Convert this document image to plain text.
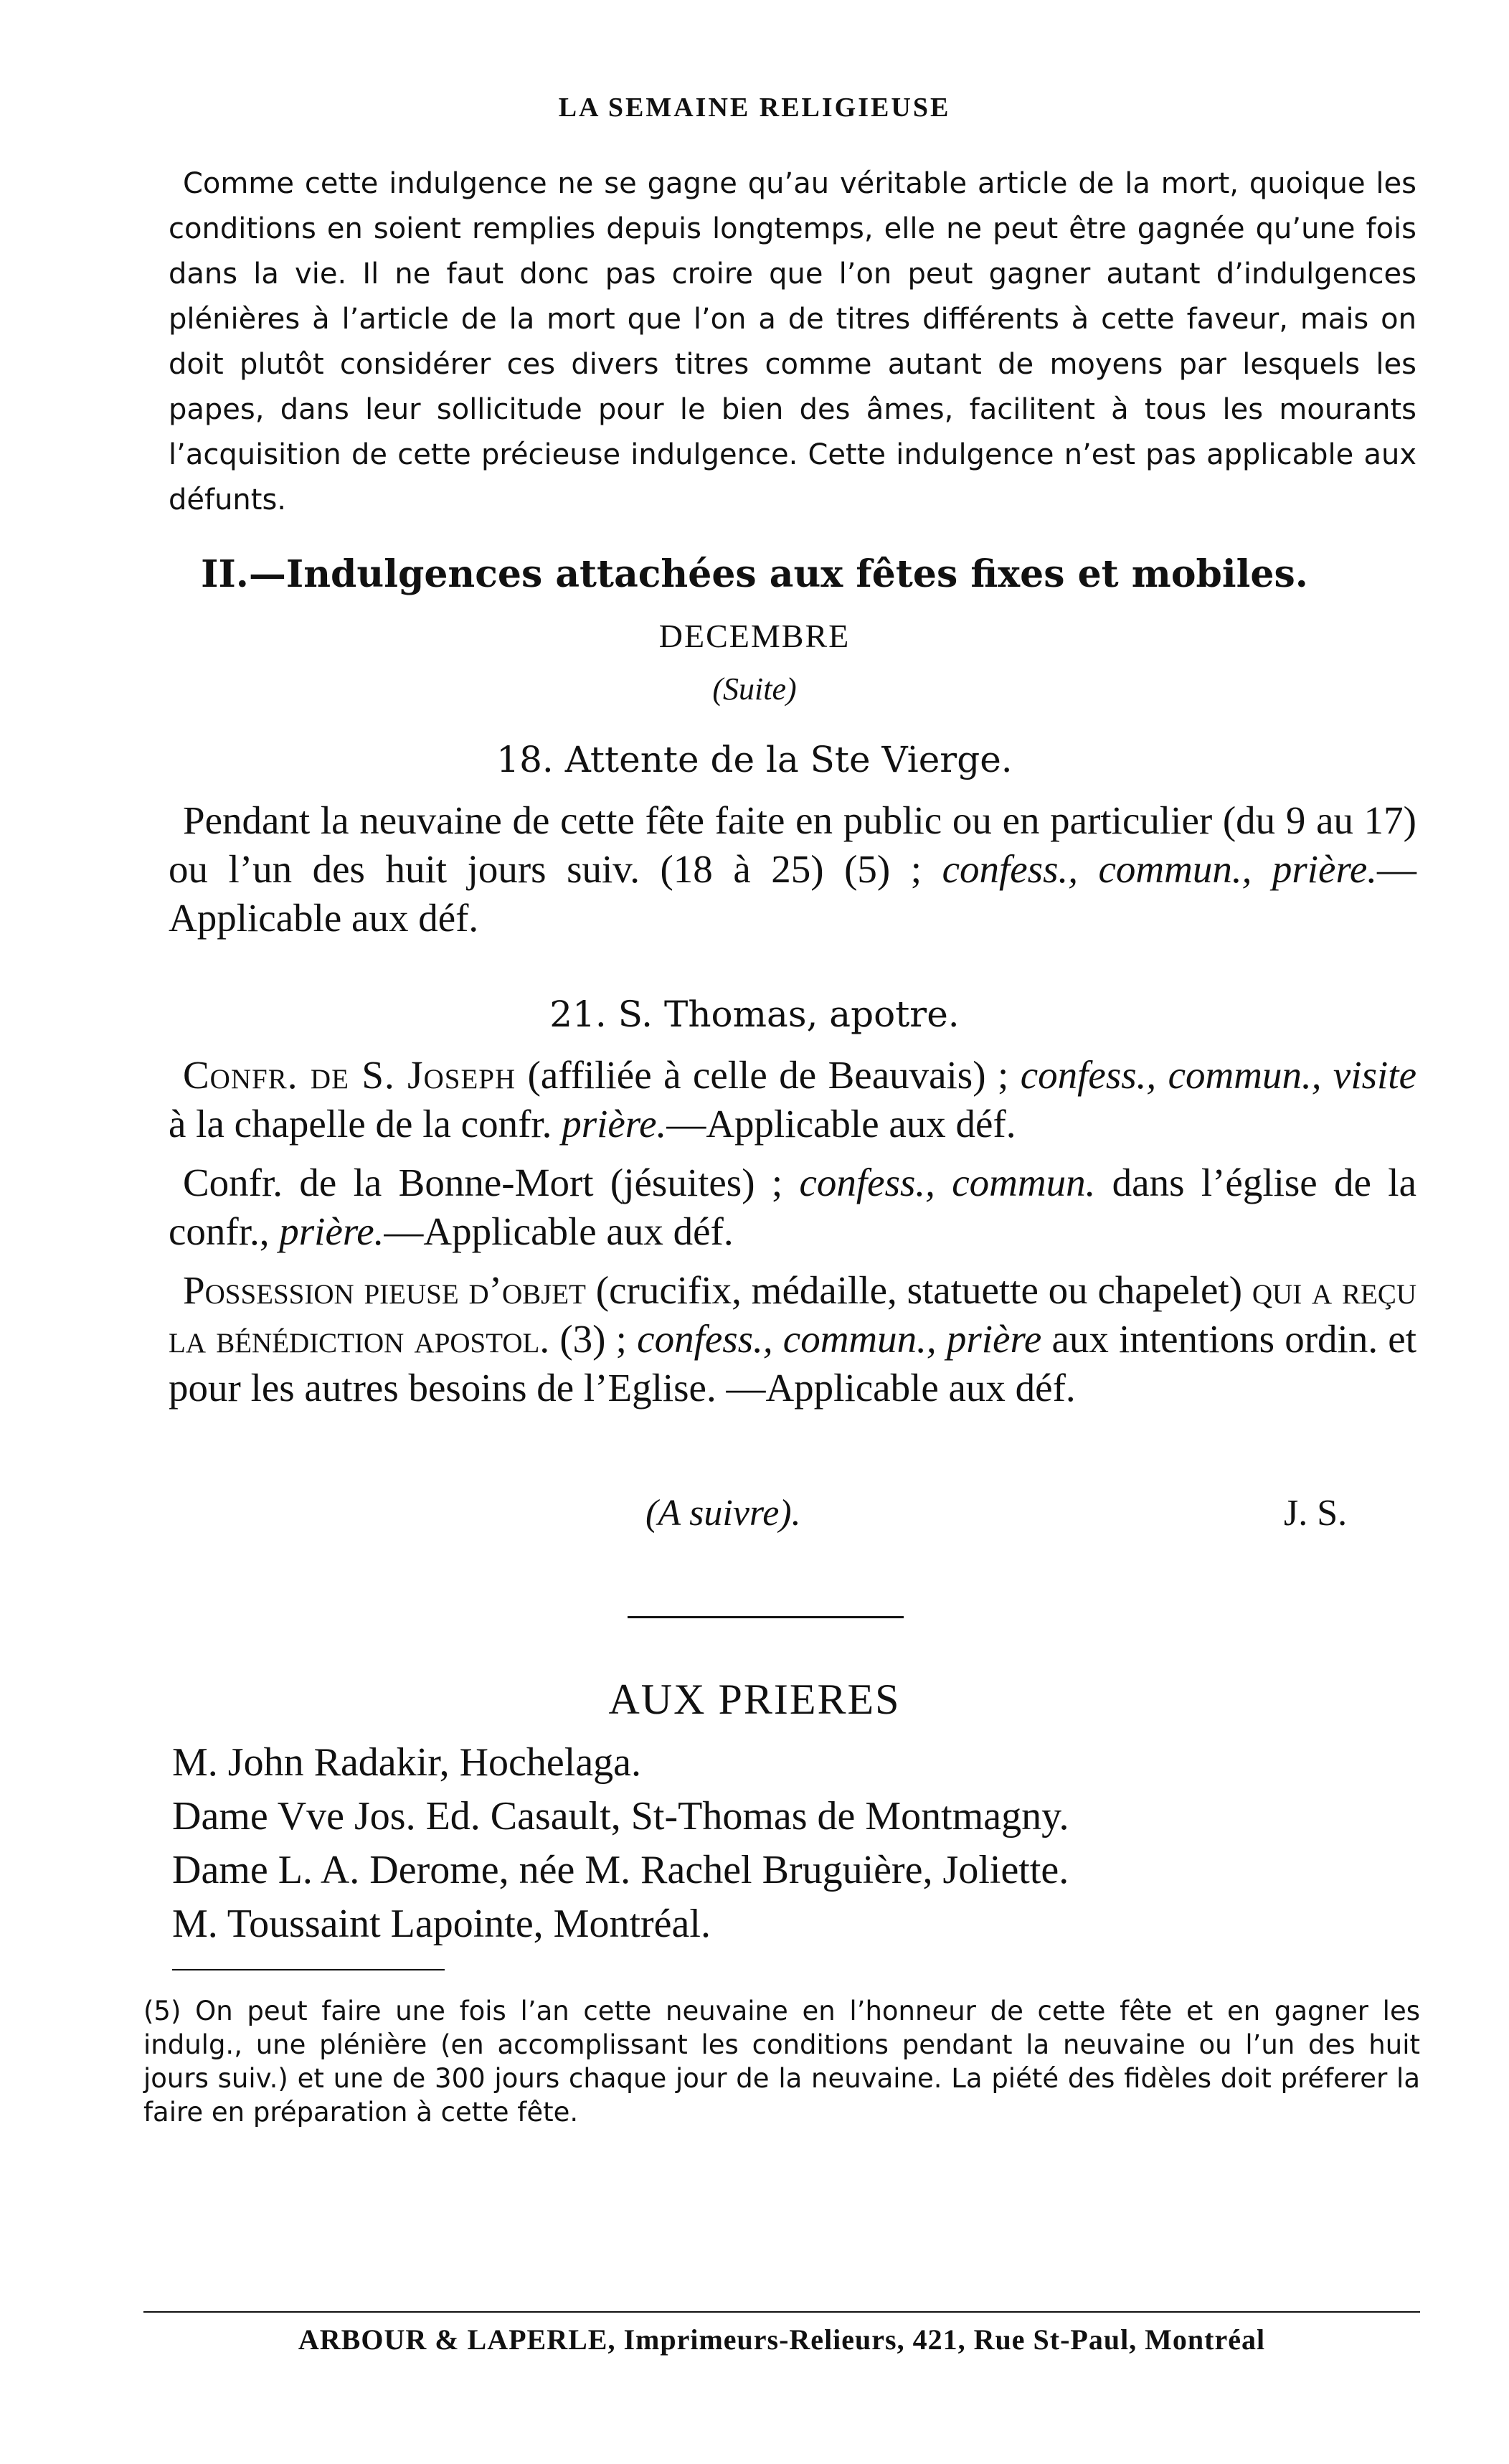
LA SEMAINE RELIGIEUSE

Comme cette indulgence ne se gagne qu’au véritable article de la mort, quoique les conditions en soient remplies depuis longtemps, elle ne peut être gagnée qu’une fois dans la vie. Il ne faut donc pas croire que l’on peut gagner autant d’indulgences plénières à l’article de la mort que l’on a de titres différents à cette faveur, mais on doit plutôt considérer ces divers titres comme autant de moyens par lesquels les papes, dans leur sollicitude pour le bien des âmes, facilitent à tous les mourants l’acquisition de cette précieuse indulgence. Cette indulgence n’est pas applicable aux défunts.

II.—Indulgences attachées aux fêtes fixes et mobiles.
DECEMBRE
(Suite)
18. Attente de la Ste Vierge.

Pendant la neuvaine de cette fête faite en public ou en particulier (du 9 au 17) ou l’un des huit jours suiv. (18 à 25) (5) ; confess., commun., prière.—Applicable aux déf.

21. S. Thomas, apotre.

Confr. de S. Joseph (affiliée à celle de Beauvais) ; confess., commun., visite à la chapelle de la confr. prière.—Applicable aux déf.

Confr. de la Bonne-Mort (jésuites) ; confess., commun. dans l’église de la confr., prière.—Applicable aux déf.

Possession pieuse d’objet (crucifix, médaille, statuette ou chapelet) qui a reçu la bénédiction apostol. (3) ; confess., commun., prière aux intentions ordin. et pour les autres besoins de l’Eglise. —Applicable aux déf.

(A suivre).	J. S.
AUX PRIERES

M. John Radakir, Hochelaga.

Dame Vve Jos. Ed. Casault, St-Thomas de Montmagny.

Dame L. A. Derome, née M. Rachel Bruguière, Joliette.

M. Toussaint Lapointe, Montréal.

(5) On peut faire une fois l’an cette neuvaine en l’honneur de cette fête et en gagner les indulg., une plénière (en accomplissant les conditions pendant la neuvaine ou l’un des huit jours suiv.) et une de 300 jours chaque jour de la neuvaine. La piété des fidèles doit préferer la faire en préparation à cette fête.

ARBOUR & LAPERLE, Imprimeurs-Relieurs, 421, Rue St-Paul, Montréal
